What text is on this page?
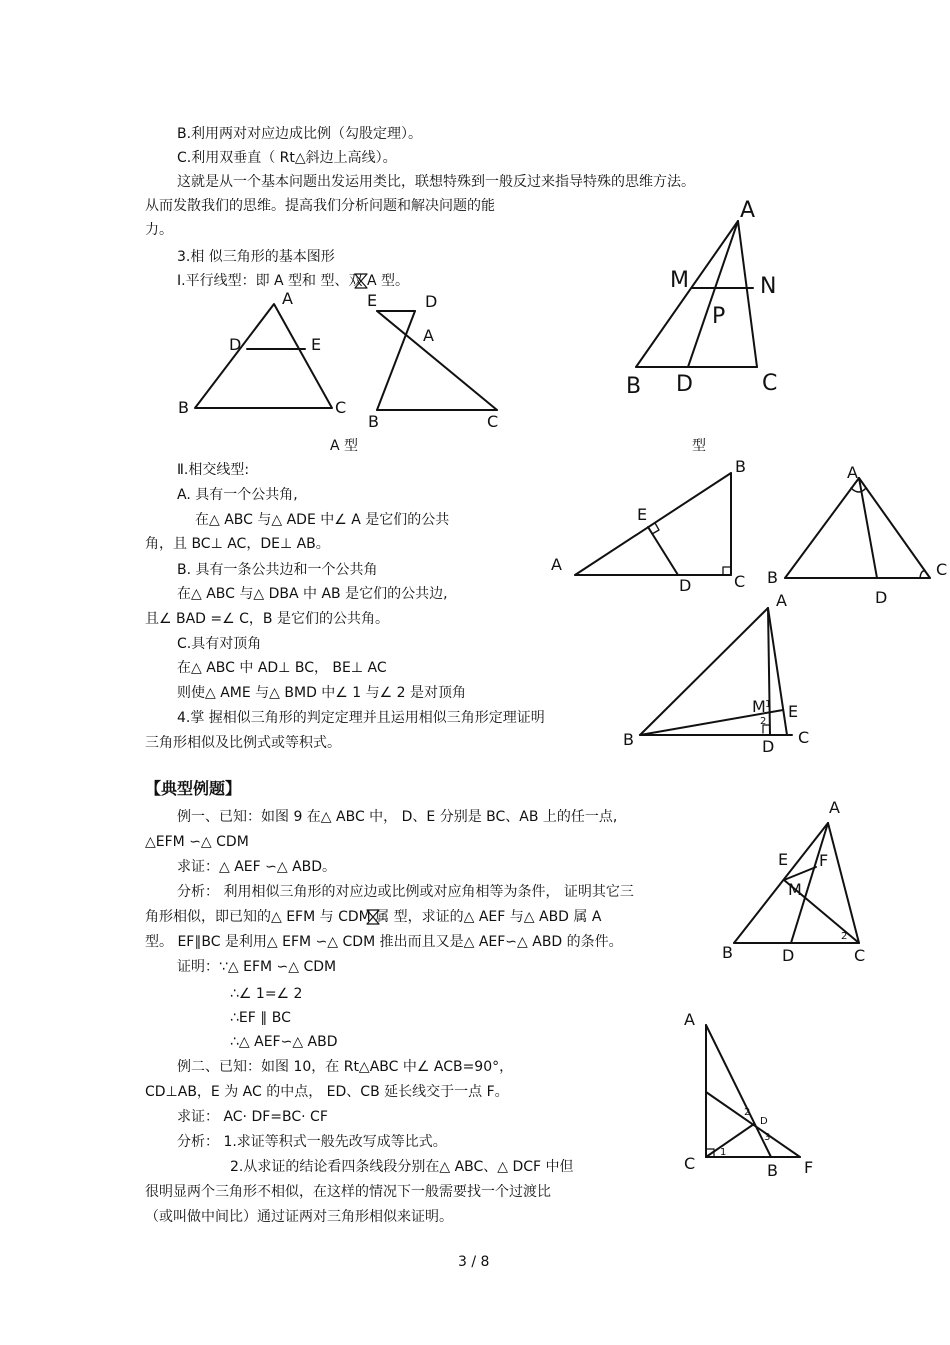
B.利用两对对应边成比例（勾股定理）。
C.利用双垂直（ Rt△斜边上高线）。
这就是从一个基本问题出发运用类比，联想特殊到一般反过来指导特殊的思维方法。
从而发散我们的思维。提高我们分析问题和解决问题的能
力。
3.相 似三角形的基本图形
Ⅰ.平行线型：即 A 型和 型、双 A 型。
A
D	E
B	C
E	D
A
B	C
A 型	型
A
M	N
P
B D	C
Ⅱ.相交线型:
A. 具有一个公共角,
在△ ABC 与△ ADE 中∠ A 是它们的公共
角，且 BC⊥ AC，DE⊥ AB。
B. 具有一条公共边和一个公共角
在△ ABC 与△ DBA 中 AB 是它们的公共边,
且∠ BAD =∠ C，B 是它们的公共角。
C.具有对顶角
在△ ABC 中 AD⊥ BC， BE⊥ AC
则使△ AME 与△ BMD 中∠ 1 与∠ 2 是对顶角
4.掌 握相似三角形的判定定理并且运用相似三角形定理证明
三角形相似及比例式或等积式。
B
E
A
D	C
A
B
D
C
A
M 1
2
E
B	D C
【典型例题】
例一、已知：如图 9 在△ ABC 中， D、E 分别是 BC、AB 上的任一点,
△EFM ∽△ CDM
求证：△ AEF ∽△ ABD。
分析： 利用相似三角形的对应边或比例或对应角相等为条件， 证明其它三
角形相似，即已知的△ EFM 与 CDM 属 型，求证的△ AEF 与△ ABD 属 A
型。 EF∥BC 是利用△ EFM ∽△ CDM 推出而且又是△ AEF∽△ ABD 的条件。
证明：∵△ EFM ∽△ CDM
∴∠ 1=∠ 2
∴EF ∥ BC
∴△ AEF∽△ ABD
例二、已知：如图 10，在 Rt△ABC 中∠ ACB=90°，
CD⊥AB，E 为 AC 的中点， ED、CB 延长线交于一点 F。
求证： AC· DF=BC· CF
分析： 1.求证等积式一般先改写成等比式。
2.从求证的结论看四条线段分别在△ ABC、△ DCF 中但
很明显两个三角形不相似，在这样的情况下一般需要找一个过渡比
（或叫做中间比）通过证两对三角形相似来证明。
A
E F
M
B	D	C
2
A
C	B F
D
2
3
1
3 / 8
